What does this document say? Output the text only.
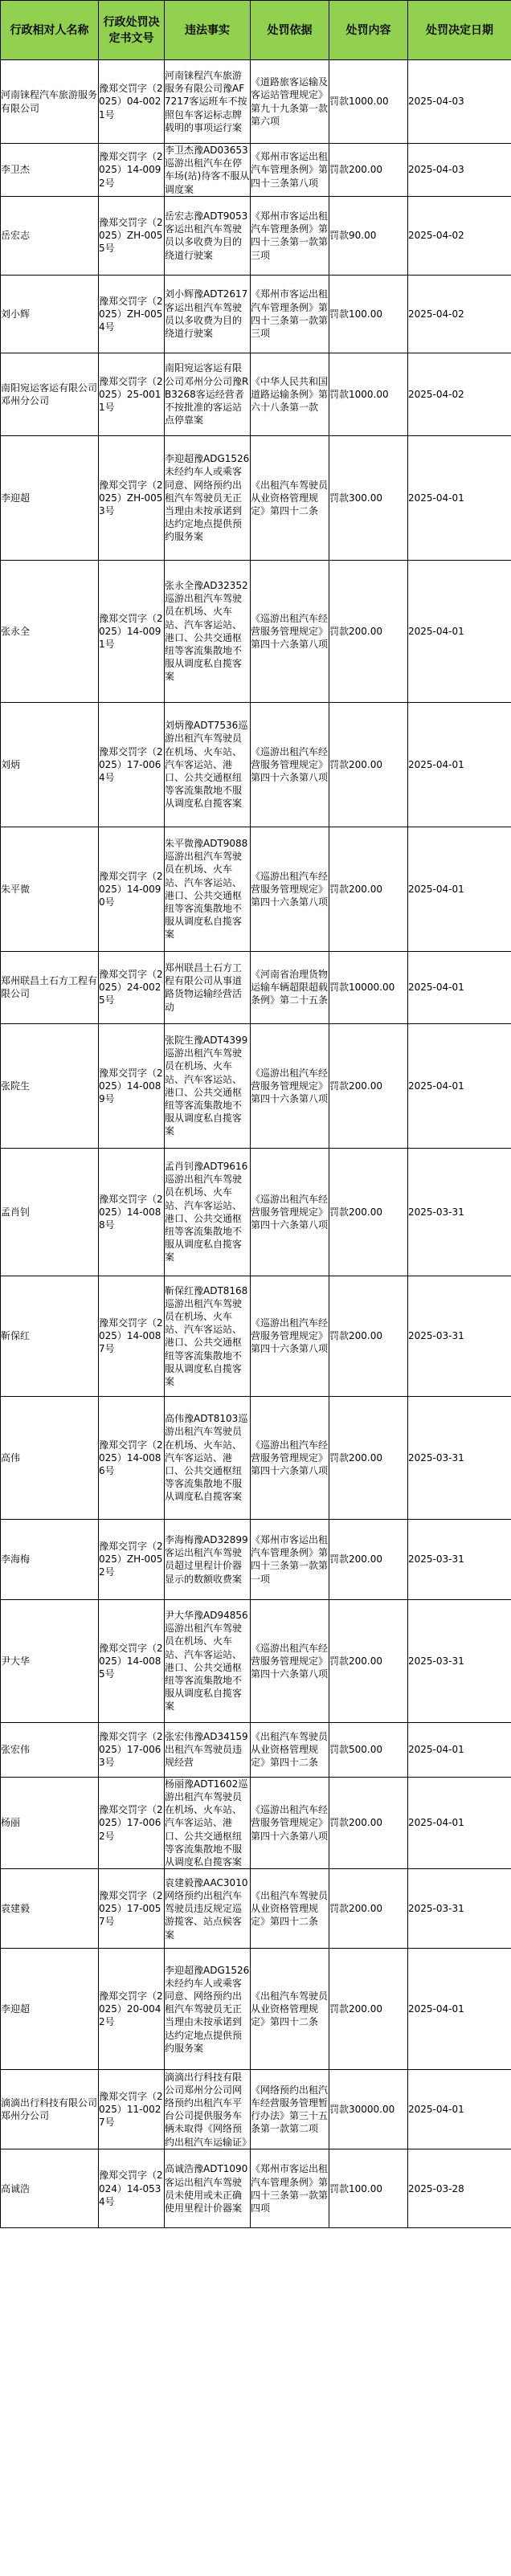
行政相对人名称	行政处罚决定书文号	违法事实	处罚依据	处罚内容	处罚决定日期
河南铼程汽车旅游服务有限公司	豫郑交罚字（2025）04-0021号	河南铼程汽车旅游服务有限公司豫AF7217客运班车不按照包车客运标志牌载明的事项运行案	《道路旅客运输及客运站管理规定》第九十九条第一款第六项	罚款1000.00	2025-04-03
李卫杰	豫郑交罚字（2025）14-0092号	李卫杰豫AD03653巡游出租汽车在停车场(站)待客不服从调度案	《郑州市客运出租汽车管理条例》第四十三条第八项	罚款200.00	2025-04-03
岳宏志	豫郑交罚字（2025）ZH-0055号	岳宏志豫ADT9053客运出租汽车驾驶员以多收费为目的绕道行驶案	《郑州市客运出租汽车管理条例》第四十三条第一款第三项	罚款90.00	2025-04-02
刘小辉	豫郑交罚字（2025）ZH-0054号	刘小辉豫ADT2617客运出租汽车驾驶员以多收费为目的绕道行驶案	《郑州市客运出租汽车管理条例》第四十三条第一款第三项	罚款100.00	2025-04-02
南阳宛运客运有限公司邓州分公司	豫郑交罚字（2025）25-0011号	南阳宛运客运有限公司邓州分公司豫RB3268客运经营者不按批准的客运站点停靠案	《中华人民共和国道路运输条例》第六十八条第一款	罚款1000.00	2025-04-02
李迎超	豫郑交罚字（2025）ZH-0053号	李迎超豫ADG1526未经约车人或乘客同意、网络预约出租汽车驾驶员无正当理由未按承诺到达约定地点提供预约服务案	《出租汽车驾驶员从业资格管理规定》第四十二条	罚款300.00	2025-04-01
张永全	豫郑交罚字（2025）14-0091号	张永全豫AD32352巡游出租汽车驾驶员在机场、火车站、汽车客运站、港口、公共交通枢纽等客流集散地不服从调度私自揽客案	《巡游出租汽车经营服务管理规定》第四十六条第八项	罚款200.00	2025-04-01
刘炳	豫郑交罚字（2025）17-0064号	刘炳豫ADT7536巡游出租汽车驾驶员在机场、火车站、汽车客运站、港口、公共交通枢纽等客流集散地不服从调度私自揽客案	《巡游出租汽车经营服务管理规定》第四十六条第八项	罚款200.00	2025-04-01
朱平微	豫郑交罚字（2025）14-0090号	朱平微豫ADT9088巡游出租汽车驾驶员在机场、火车站、汽车客运站、港口、公共交通枢纽等客流集散地不服从调度私自揽客案	《巡游出租汽车经营服务管理规定》第四十六条第八项	罚款200.00	2025-04-01
郑州联昌土石方工程有限公司	豫郑交罚字（2025）24-0025号	郑州联昌土石方工程有限公司从事道路货物运输经营活动	《河南省治理货物运输车辆超限超载条例》第二十五条	罚款10000.00	2025-04-01
张院生	豫郑交罚字（2025）14-0089号	张院生豫ADT4399巡游出租汽车驾驶员在机场、火车站、汽车客运站、港口、公共交通枢纽等客流集散地不服从调度私自揽客案	《巡游出租汽车经营服务管理规定》第四十六条第八项	罚款200.00	2025-04-01
孟肖钊	豫郑交罚字（2025）14-0088号	孟肖钊豫ADT9616巡游出租汽车驾驶员在机场、火车站、汽车客运站、港口、公共交通枢纽等客流集散地不服从调度私自揽客案	《巡游出租汽车经营服务管理规定》第四十六条第八项	罚款200.00	2025-03-31
靳保红	豫郑交罚字（2025）14-0087号	靳保红豫ADT8168巡游出租汽车驾驶员在机场、火车站、汽车客运站、港口、公共交通枢纽等客流集散地不服从调度私自揽客案	《巡游出租汽车经营服务管理规定》第四十六条第八项	罚款200.00	2025-03-31
高伟	豫郑交罚字（2025）14-0086号	高伟豫ADT8103巡游出租汽车驾驶员在机场、火车站、汽车客运站、港口、公共交通枢纽等客流集散地不服从调度私自揽客案	《巡游出租汽车经营服务管理规定》第四十六条第八项	罚款200.00	2025-03-31
李海梅	豫郑交罚字（2025）ZH-0052号	李海梅豫AD32899客运出租汽车驾驶员超过里程计价器显示的数额收费案	《郑州市客运出租汽车管理条例》第四十三条第一款第一项	罚款200.00	2025-03-31
尹大华	豫郑交罚字（2025）14-0085号	尹大华豫AD94856巡游出租汽车驾驶员在机场、火车站、汽车客运站、港口、公共交通枢纽等客流集散地不服从调度私自揽客案	《巡游出租汽车经营服务管理规定》第四十六条第八项	罚款200.00	2025-03-31
张宏伟	豫郑交罚字（2025）17-0063号	张宏伟豫AD34159出租汽车驾驶员违规经营	《出租汽车驾驶员从业资格管理规定》第四十二条	罚款500.00	2025-04-01
杨丽	豫郑交罚字（2025）17-0062号	杨丽豫ADT1602巡游出租汽车驾驶员在机场、火车站、汽车客运站、港口、公共交通枢纽等客流集散地不服从调度私自揽客案	《巡游出租汽车经营服务管理规定》第四十六条第八项	罚款200.00	2025-04-01
袁建毅	豫郑交罚字（2025）17-0057号	袁建毅豫AAC3010网络预约出租汽车驾驶员违反规定巡游揽客、站点候客案	《出租汽车驾驶员从业资格管理规定》第四十二条	罚款200.00	2025-03-31
李迎超	豫郑交罚字（2025）20-0042号	李迎超豫ADG1526未经约车人或乘客同意、网络预约出租汽车驾驶员无正当理由未按承诺到达约定地点提供预约服务案	《出租汽车驾驶员从业资格管理规定》第四十二条	罚款200.00	2025-04-01
滴滴出行科技有限公司郑州分公司	豫郑交罚字（2025）11-0027号	滴滴出行科技有限公司郑州分公司网络预约出租汽车平台公司提供服务车辆未取得《网络预约出租汽车运输证》	《网络预约出租汽车经营服务管理暂行办法》第三十五条第一款第二项	罚款30000.00	2025-04-01
高诚浩	豫郑交罚字（2024）14-0534号	高诚浩豫ADT1090客运出租汽车驾驶员未使用或未正确使用里程计价器案	《郑州市客运出租汽车管理条例》第四十三条第一款第四项	罚款100.00	2025-03-28
